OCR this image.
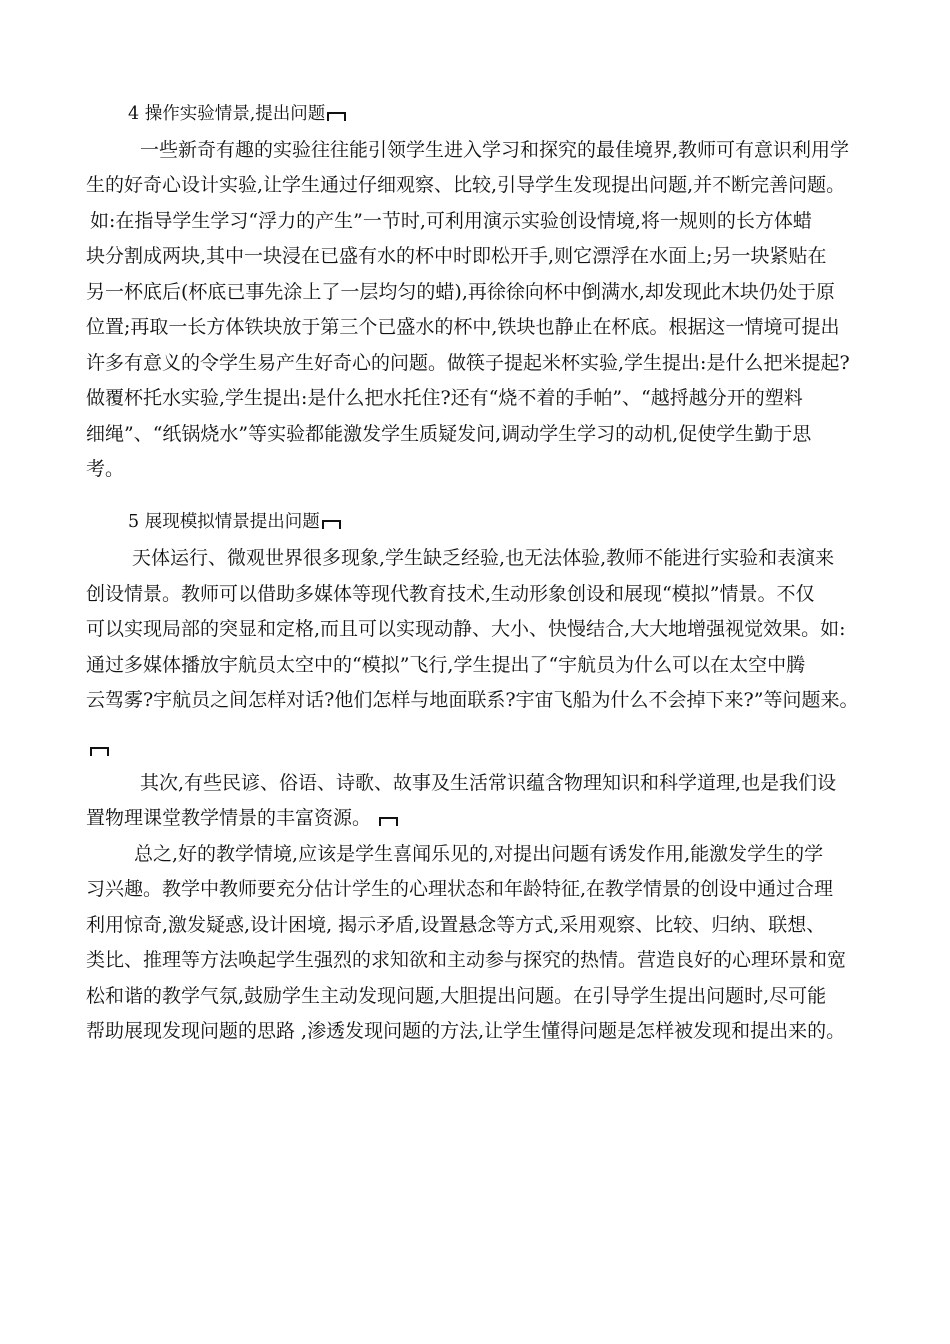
4 操作实验情景,提出问题
一些新奇有趣的实验往往能引领学生进入学习和探究的最佳境界,教师可有意识利用学
生的好奇心设计实验,让学生通过仔细观察、比较,引导学生发现提出问题,并不断完善问题。
如:在指导学生学习“浮力的产生”一节时,可利用演示实验创设情境,将一规则的长方体蜡
块分割成两块,其中一块浸在已盛有水的杯中时即松开手,则它漂浮在水面上;另一块紧贴在
另一杯底后(杯底已事先涂上了一层均匀的蜡),再徐徐向杯中倒满水,却发现此木块仍处于原
位置;再取一长方体铁块放于第三个已盛水的杯中,铁块也静止在杯底。根据这一情境可提出
许多有意义的令学生易产生好奇心的问题。做筷子提起米杯实验,学生提出:是什么把米提起?
做覆杯托水实验,学生提出:是什么把水托住?还有“烧不着的手帕”、“越捋越分开的塑料
细绳”、“纸锅烧水”等实验都能激发学生质疑发问,调动学生学习的动机,促使学生勤于思
考。
5 展现模拟情景提出问题
天体运行、微观世界很多现象,学生缺乏经验,也无法体验,教师不能进行实验和表演来
创设情景。教师可以借助多媒体等现代教育技术,生动形象创设和展现“模拟”情景。不仅
可以实现局部的突显和定格,而且可以实现动静、大小、快慢结合,大大地增强视觉效果。如:
通过多媒体播放宇航员太空中的“模拟”飞行,学生提出了“宇航员为什么可以在太空中腾
云驾雾?宇航员之间怎样对话?他们怎样与地面联系?宇宙飞船为什么不会掉下来?”等问题来。
其次,有些民谚、俗语、诗歌、故事及生活常识蕴含物理知识和科学道理,也是我们设
置物理课堂教学情景的丰富资源。
总之,好的教学情境,应该是学生喜闻乐见的,对提出问题有诱发作用,能激发学生的学
习兴趣。教学中教师要充分估计学生的心理状态和年龄特征,在教学情景的创设中通过合理
利用惊奇,激发疑惑,设计困境, 揭示矛盾,设置悬念等方式,采用观察、比较、归纳、联想、
类比、推理等方法唤起学生强烈的求知欲和主动参与探究的热情。营造良好的心理环景和宽
松和谐的教学气氛,鼓励学生主动发现问题,大胆提出问题。在引导学生提出问题时,尽可能
帮助展现发现问题的思路 ,渗透发现问题的方法,让学生懂得问题是怎样被发现和提出来的。
